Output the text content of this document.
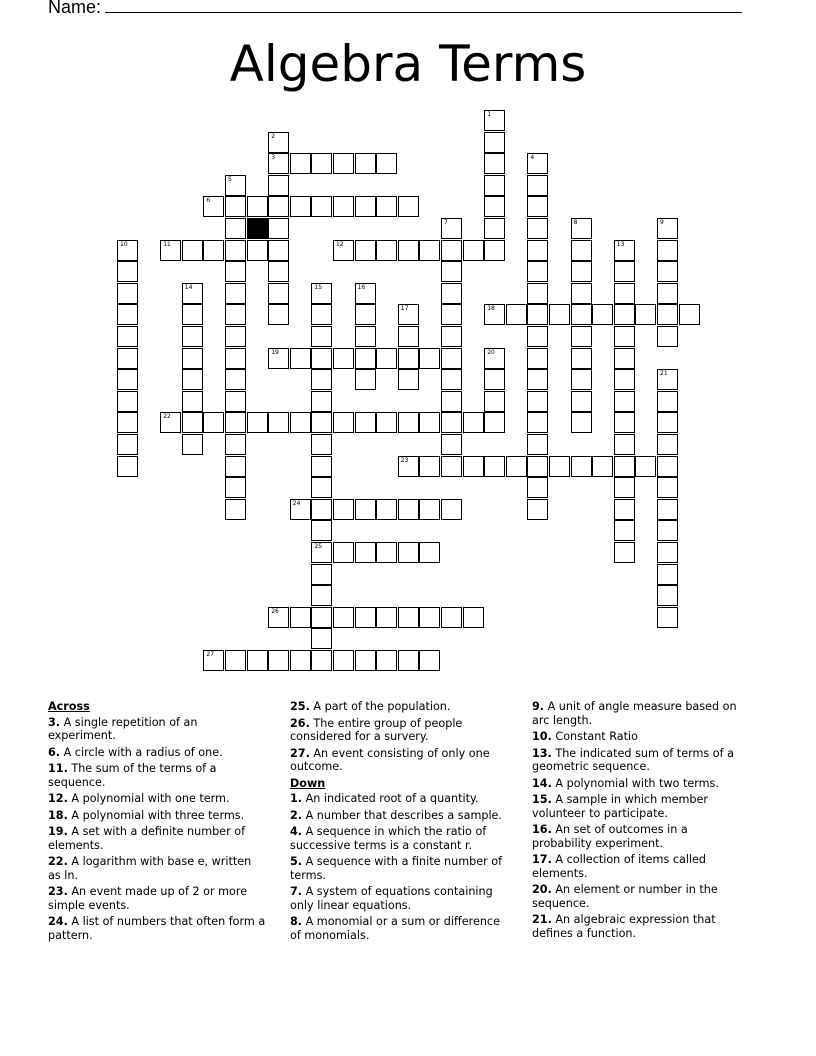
Name:
Algebra Terms
1
2
3	4
5
6
7	8	9
10	11	12	13
14	15	16
17	18
19	20
21
22
23
24
25
26
27
Across
3. A single repetition of an experiment.
6. A circle with a radius of one.
11. The sum of the terms of a sequence.
12. A polynomial with one term.
18. A polynomial with three terms.
19. A set with a definite number of elements.
22. A logarithm with base e, written as ln.
23. An event made up of 2 or more simple events.
24. A list of numbers that often form a pattern.
25. A part of the population.
26. The entire group of people considered for a survery.
27. An event consisting of only one outcome.
Down
1. An indicated root of a quantity.
2. A number that describes a sample.
4. A sequence in which the ratio of successive terms is a constant r.
5. A sequence with a finite number of terms.
7. A system of equations containing only linear equations.
8. A monomial or a sum or difference of monomials.
9. A unit of angle measure based on arc length.
10. Constant Ratio
13. The indicated sum of terms of a geometric sequence.
14. A polynomial with two terms.
15. A sample in which member volunteer to participate.
16. An set of outcomes in a probability experiment.
17. A collection of items called elements.
20. An element or number in the sequence.
21. An algebraic expression that defines a function.
